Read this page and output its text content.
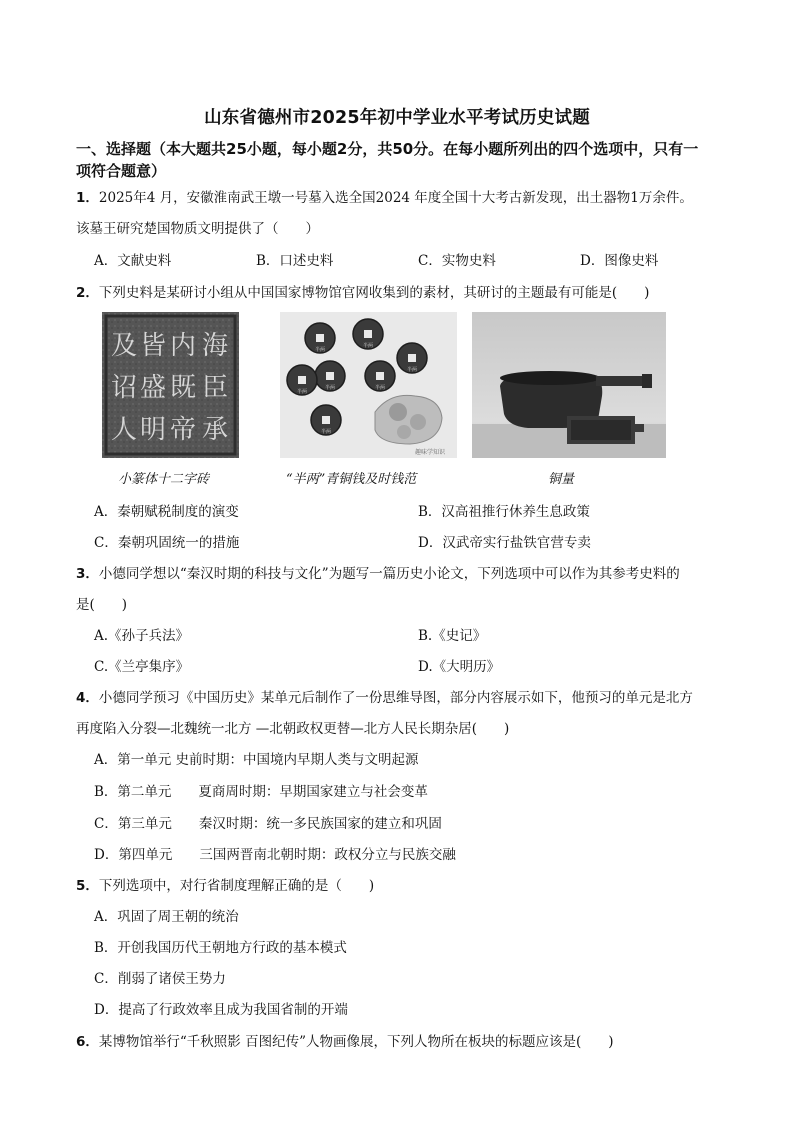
山东省德州市2025年初中学业水平考试历史试题
一、选择题（本大题共25小题，每小题2分，共50分。在每小题所列出的四个选项中，只有一
项符合题意）
1．2025年4 月，安徽淮南武王墩一号墓入选全国2024 年度全国十大考古新发现，出土器物1万余件。
该墓王研究楚国物质文明提供了（　　）
A．文献史料	B．口述史料	C．实物史料	D．图像史料
2．下列史料是某研讨小组从中国国家博物馆官网收集到的素材，其研讨的主题最有可能是(　　)
海
臣
承
内
既
帝
皆
盛
明
及
诏
人
小篆体十二字砖
半两
半两
半两	半两
半两
半两
半两
趣味学知识
“半两”青铜钱及时钱范	铜量
A．秦朝赋税制度的演变	B．汉高祖推行休养生息政策
C．秦朝巩固统一的措施	D．汉武帝实行盐铁官营专卖
3．小德同学想以“秦汉时期的科技与文化”为题写一篇历史小论文，下列选项中可以作为其参考史料的
是(　　)
A.《孙子兵法》	B.《史记》
C.《兰亭集序》	D.《大明历》
4．小德同学预习《中国历史》某单元后制作了一份思维导图，部分内容展示如下，他预习的单元是北方
再度陷入分裂—北魏统一北方 —北朝政权更替—北方人民长期杂居(　　)
A．第一单元 史前时期：中国境内早期人类与文明起源
B．第二单元　　夏商周时期：早期国家建立与社会变革
C．第三单元　　秦汉时期：统一多民族国家的建立和巩固
D．第四单元　　三国两晋南北朝时期：政权分立与民族交融
5．下列选项中，对行省制度理解正确的是（　　)
A．巩固了周王朝的统治
B．开创我国历代王朝地方行政的基本模式
C．削弱了诸侯王势力
D．提高了行政效率且成为我国省制的开端
6．某博物馆举行“千秋照影 百图纪传”人物画像展，下列人物所在板块的标题应该是(　　)
